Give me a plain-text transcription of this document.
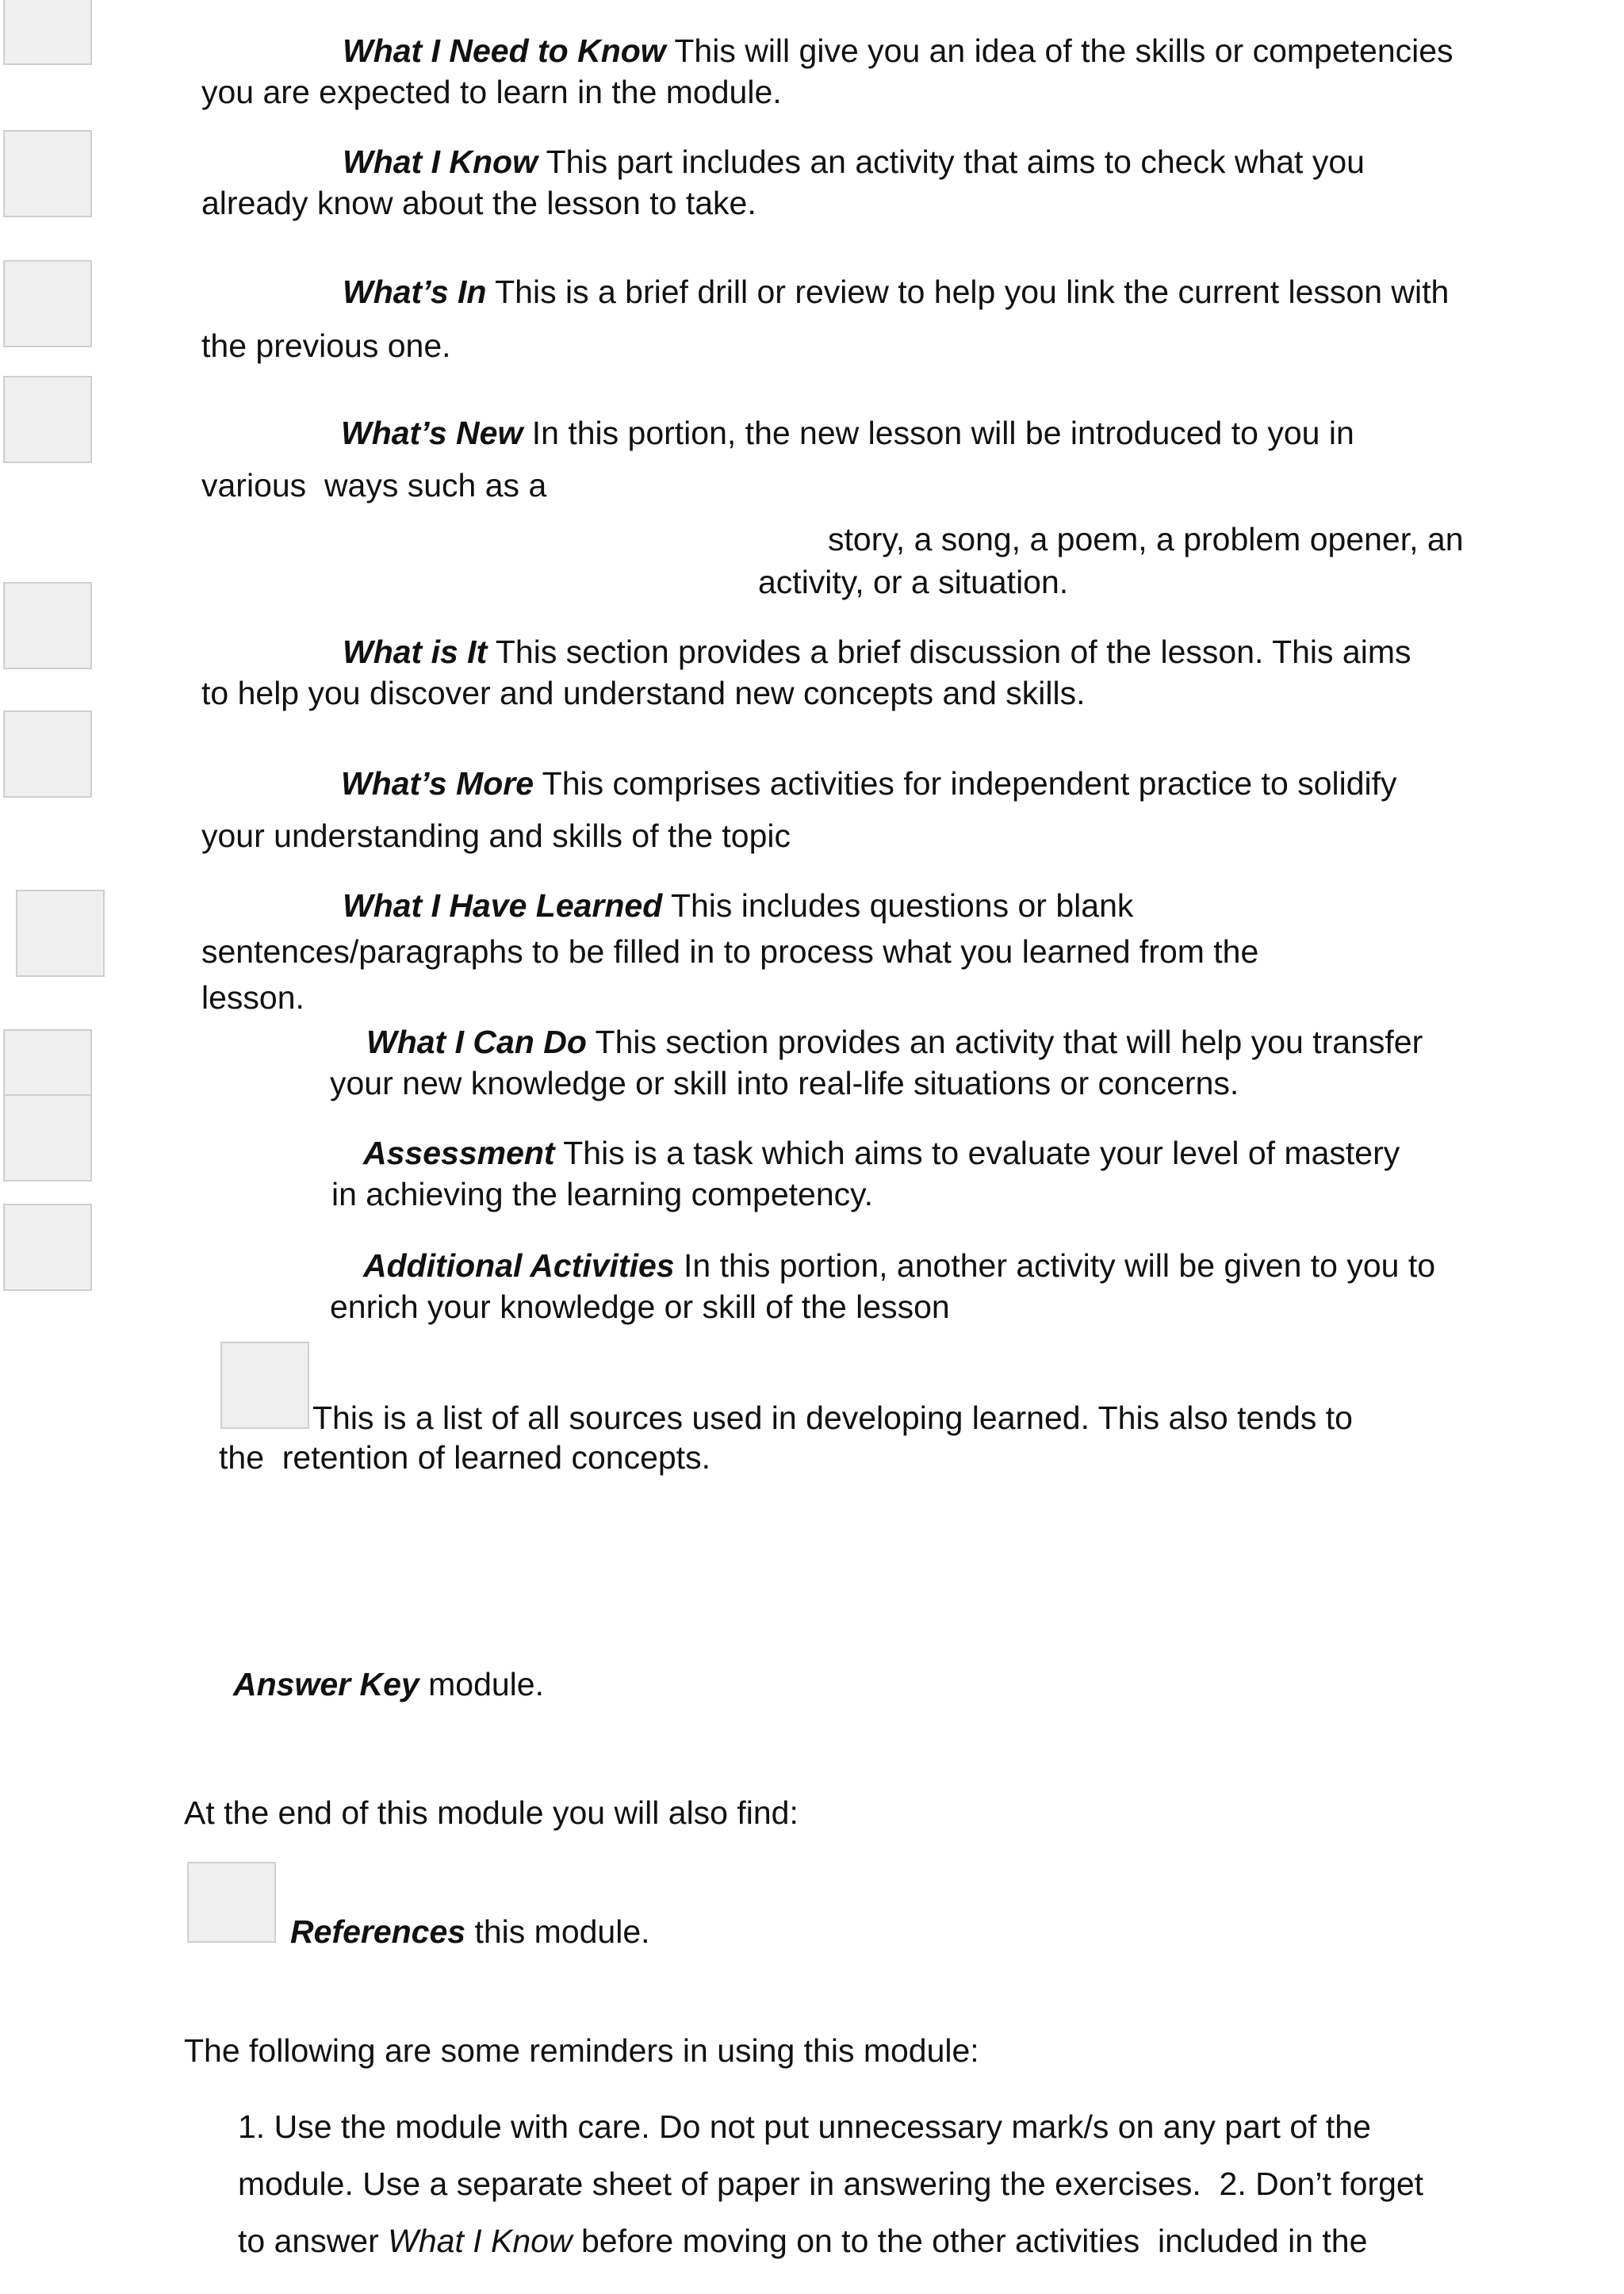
What I Need to Know This will give you an idea of the skills or competencies
you are expected to learn in the module.
What I Know This part includes an activity that aims to check what you
already know about the lesson to take.
What’s In This is a brief drill or review to help you link the current lesson with
the previous one.
What’s New In this portion, the new lesson will be introduced to you in
various  ways such as a
story, a song, a poem, a problem opener, an
activity, or a situation.
What is It This section provides a brief discussion of the lesson. This aims
to help you discover and understand new concepts and skills.
What’s More This comprises activities for independent practice to solidify
your understanding and skills of the topic
What I Have Learned This includes questions or blank
sentences/paragraphs to be filled in to process what you learned from the
lesson.
What I Can Do This section provides an activity that will help you transfer
your new knowledge or skill into real-life situations or concerns.
Assessment This is a task which aims to evaluate your level of mastery
in achieving the learning competency.
Additional Activities In this portion, another activity will be given to you to
enrich your knowledge or skill of the lesson
This is a list of all sources used in developing learned. This also tends to
the  retention of learned concepts.
Answer Key module.
At the end of this module you will also find:
References this module.
The following are some reminders in using this module:
1. Use the module with care. Do not put unnecessary mark/s on any part of the
module. Use a separate sheet of paper in answering the exercises.  2. Don’t forget
to answer What I Know before moving on to the other activities  included in the
